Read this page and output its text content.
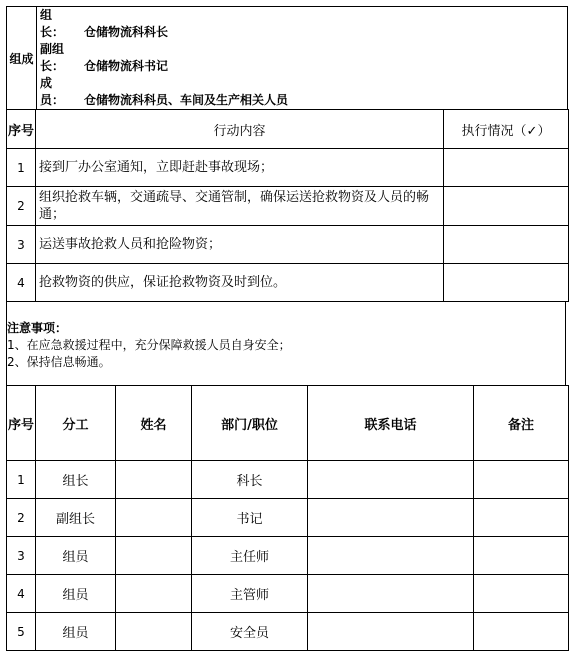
组成	
组　长： 仓储物流科科长
副组长： 仓储物流科书记
成　员： 仓储物流科科员、车间及生产相关人员
序号	行动内容	执行情况（✓）
1	接到厂办公室通知，立即赶赴事故现场；	
2	组织抢救车辆，交通疏导、交通管制，确保运送抢救物资及人员的畅通；	
3	运送事故抢救人员和抢险物资；	
4	抢救物资的供应，保证抢救物资及时到位。	
注意事项：
1、在应急救援过程中，充分保障救援人员自身安全；
2、保持信息畅通。
序号	分工	姓名	部门/职位	联系电话	备注
1	组长		科长		
2	副组长		书记		
3	组员		主任师		
4	组员		主管师		
5	组员		安全员		
